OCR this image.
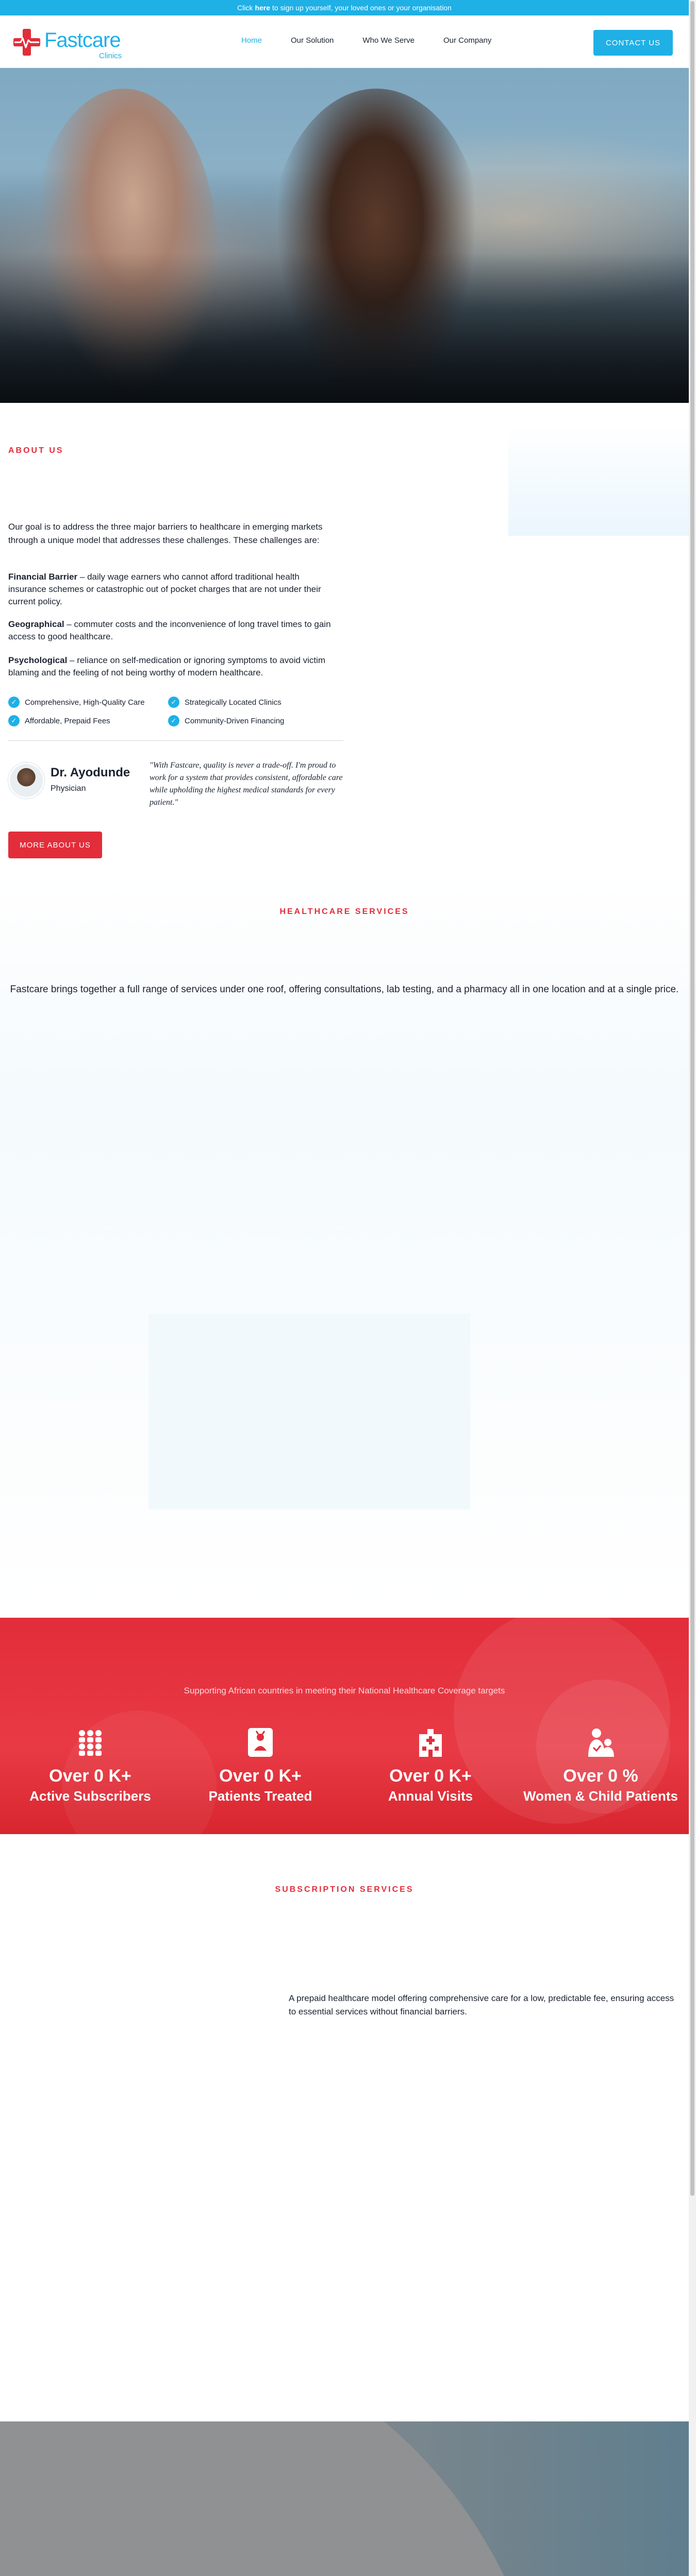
Click here to sign up yourself, your loved ones or your organisation
Fastcare
Clinics
Home	Our Solution	Who We Serve	Our Company	CONTACT US
ABOUT US

Our goal is to address the three major barriers to healthcare in emerging markets through a unique model that addresses these challenges. These challenges are:

Financial Barrier – daily wage earners who cannot afford traditional health insurance schemes or catastrophic out of pocket charges that are not under their current policy.

Geographical – commuter costs and the inconvenience of long travel times to gain access to good healthcare.

Psychological – reliance on self-medication or ignoring symptoms to avoid victim blaming and the feeling of not being worthy of modern healthcare.

✓	Comprehensive, High-Quality Care	✓	Strategically Located Clinics
✓	Affordable, Prepaid Fees	✓	Community-Driven Financing
Dr. Ayodunde
Physician

"With Fastcare, quality is never a trade-off. I'm proud to work for a system that provides consistent, affordable care while upholding the highest medical standards for every patient."

MORE ABOUT US
HEALTHCARE SERVICES

Fastcare brings together a full range of services under one roof, offering consultations, lab testing, and a pharmacy all in one location and at a single price.

Supporting African countries in meeting their National Healthcare Coverage targets

Over 0 K+
Active Subscribers
Over 0 K+
Patients Treated
Over 0 K+
Annual Visits
Over 0 %
Women & Child Patients
SUBSCRIPTION SERVICES

A prepaid healthcare model offering comprehensive care for a low, predictable fee, ensuring access to essential services without financial barriers.
